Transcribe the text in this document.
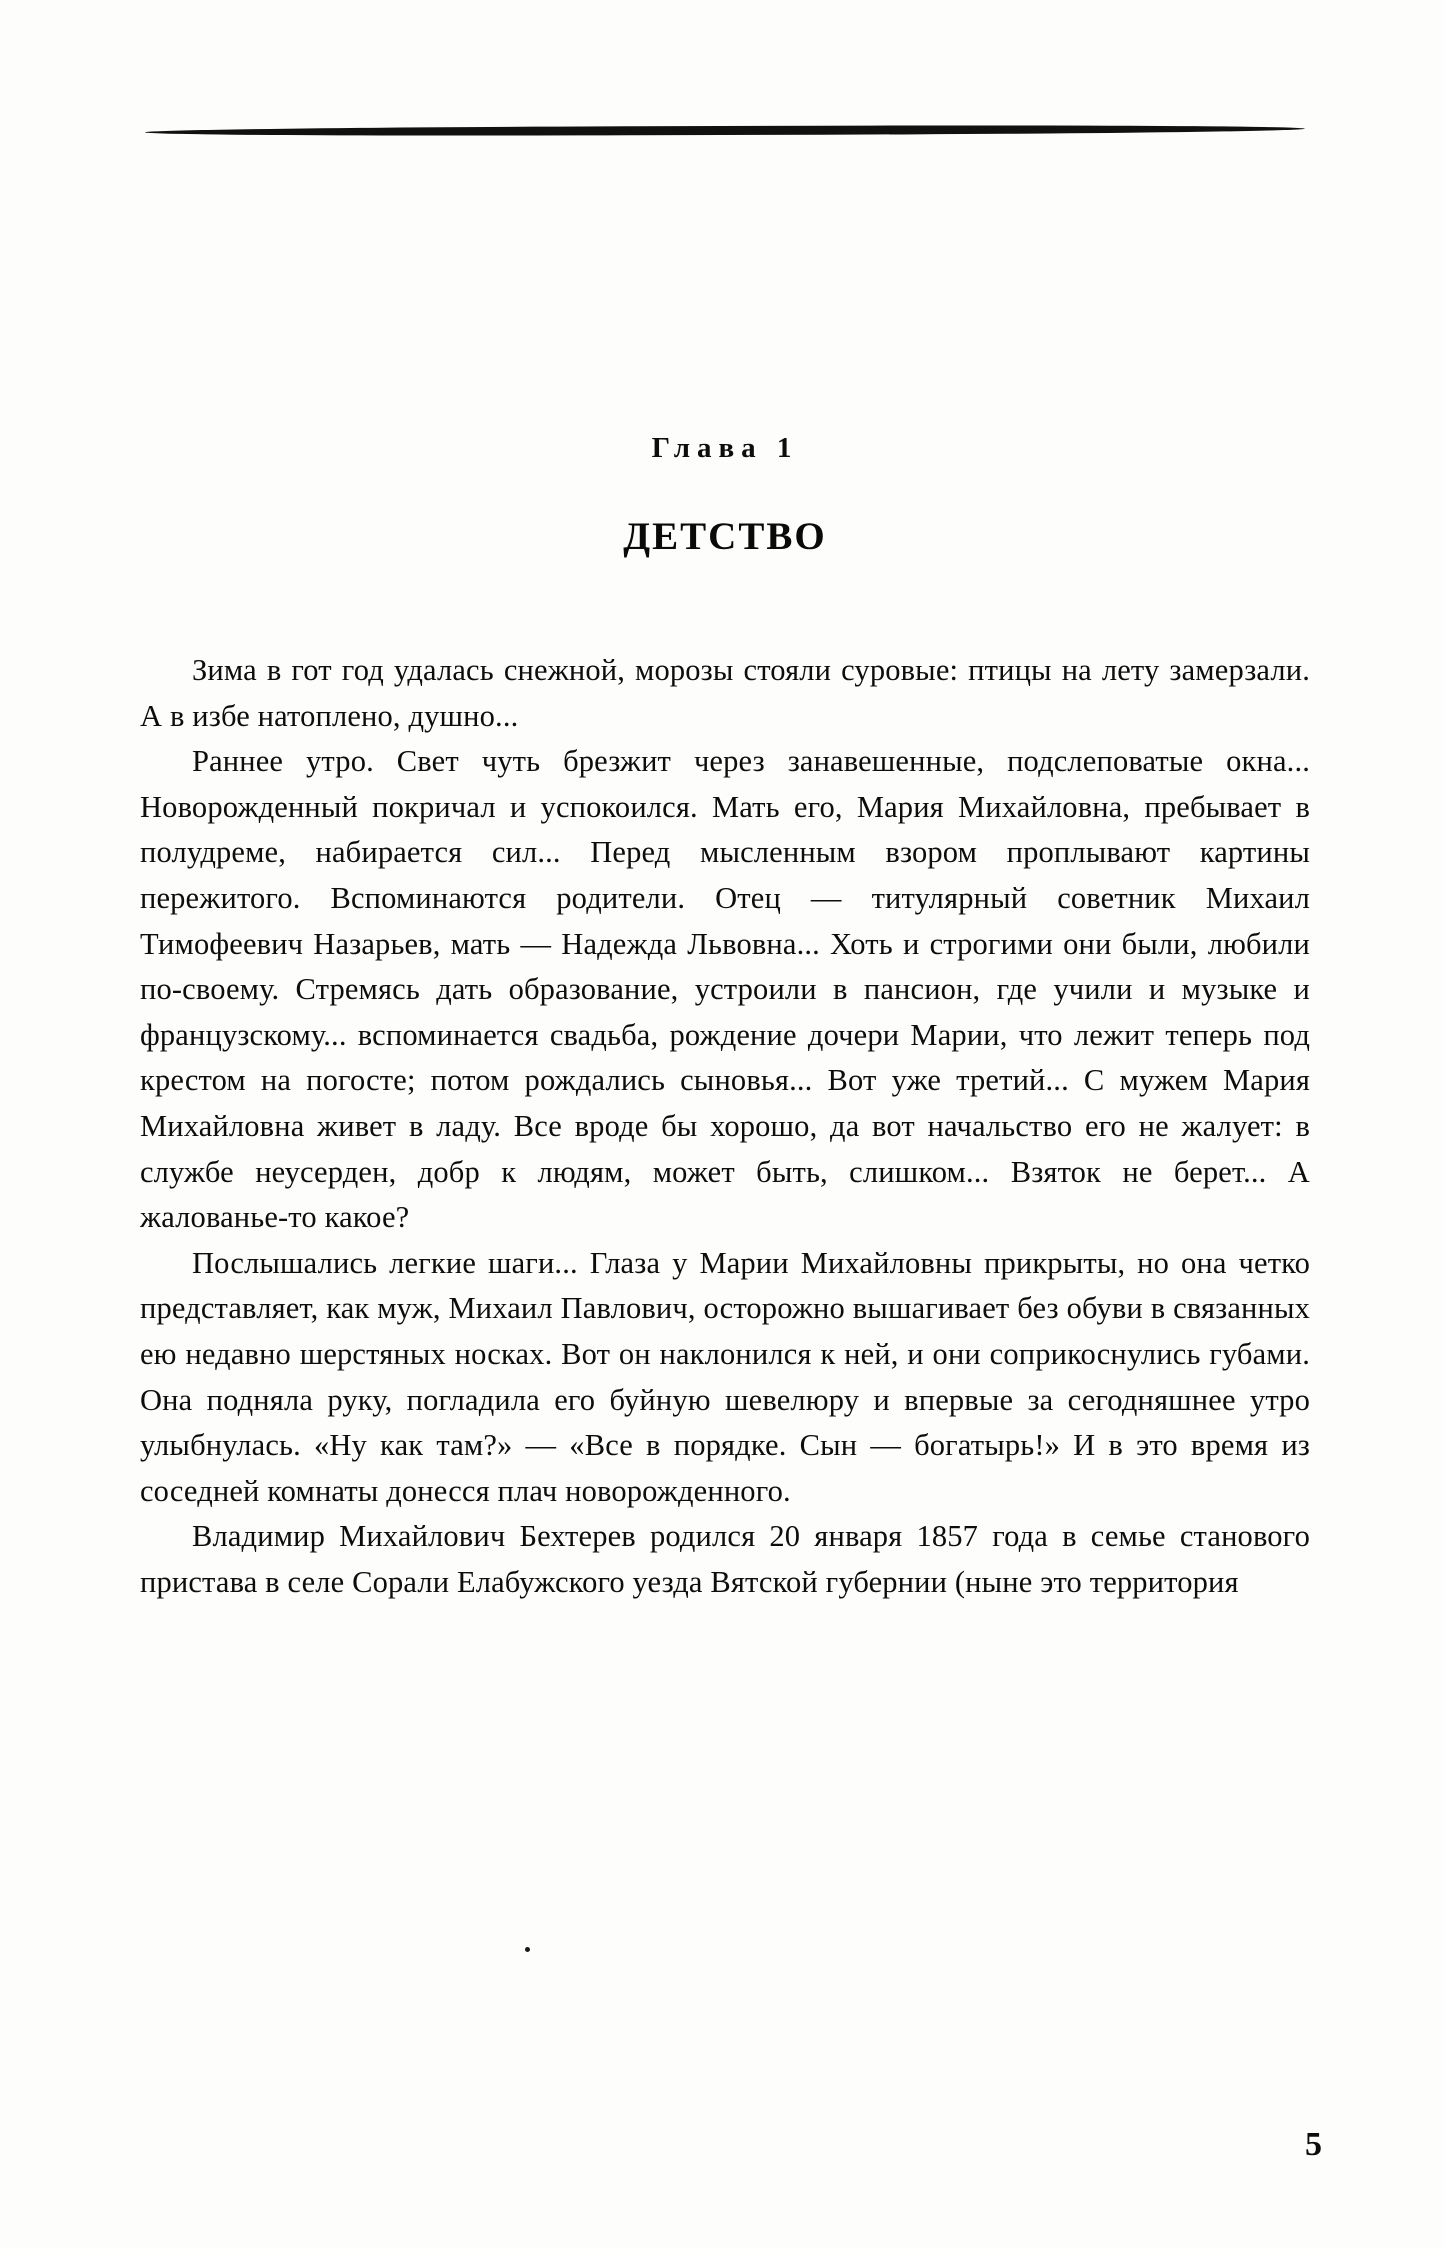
Глава 1
ДЕТСТВО

Зима в гот год удалась снежной, морозы стояли суровые: птицы на лету замерзали. А в избе натоплено, душно...

Раннее утро. Свет чуть брезжит через занавешенные, подслеповатые окна... Новорожденный покричал и успокоился. Мать его, Мария Михайловна, пребывает в полудреме, набирается сил... Перед мысленным взором проплывают картины пережитого. Вспоминаются родители. Отец — титулярный советник Михаил Тимофеевич Назарьев, мать — Надежда Львовна... Хоть и строгими они были, любили по-своему. Стремясь дать образование, устроили в пансион, где учили и музыке и французскому... вспоминается свадьба, рождение дочери Марии, что лежит теперь под крестом на погосте; потом рождались сыновья... Вот уже третий... С мужем Мария Михайловна живет в ладу. Все вроде бы хорошо, да вот начальство его не жалует: в службе неусерден, добр к людям, может быть, слишком... Взяток не берет... А жалованье-то какое?

Послышались легкие шаги... Глаза у Марии Михайловны прикрыты, но она четко представляет, как муж, Михаил Павлович, осторожно вышагивает без обуви в связанных ею недавно шерстяных носках. Вот он наклонился к ней, и они соприкоснулись губами. Она подняла руку, погладила его буйную шевелюру и впервые за сегодняшнее утро улыбнулась. «Ну как там?» — «Все в порядке. Сын — богатырь!» И в это время из соседней комнаты донесся плач новорожденного.

Владимир Михайлович Бехтерев родился 20 января 1857 года в семье станового пристава в селе Сорали Елабужского уезда Вятской губернии (ныне это территория

5
